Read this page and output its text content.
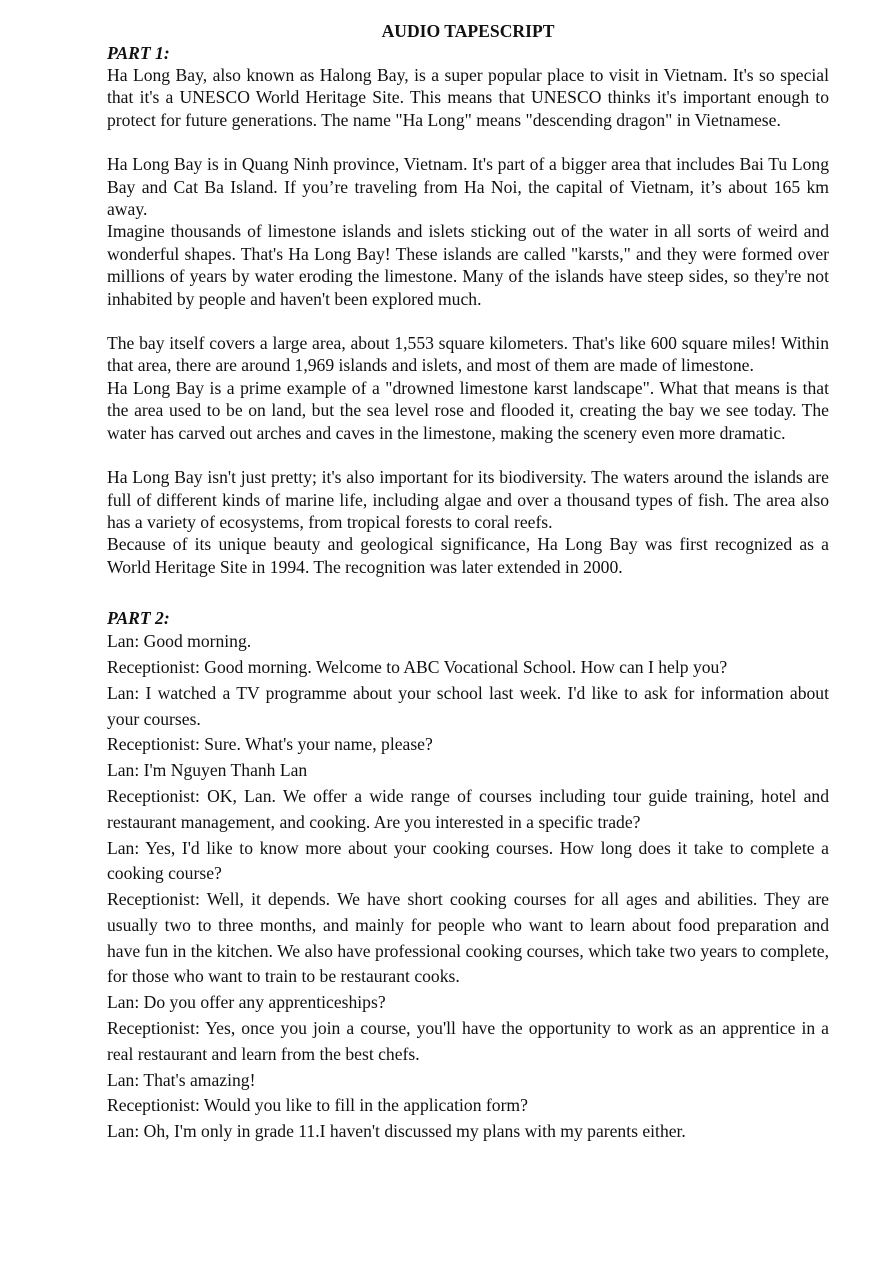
AUDIO TAPESCRIPT
PART 1:

Ha Long Bay, also known as Halong Bay, is a super popular place to visit in Vietnam. It's so special that it's a UNESCO World Heritage Site. This means that UNESCO thinks it's important enough to protect for future generations. The name "Ha Long" means "descending dragon" in Vietnamese.

Ha Long Bay is in Quang Ninh province, Vietnam. It's part of a bigger area that includes Bai Tu Long Bay and Cat Ba Island. If you’re traveling from Ha Noi, the capital of Vietnam, it’s about 165 km away.

Imagine thousands of limestone islands and islets sticking out of the water in all sorts of weird and wonderful shapes. That's Ha Long Bay! These islands are called "karsts," and they were formed over millions of years by water eroding the limestone. Many of the islands have steep sides, so they're not inhabited by people and haven't been explored much.

The bay itself covers a large area, about 1,553 square kilometers. That's like 600 square miles! Within that area, there are around 1,969 islands and islets, and most of them are made of limestone.

Ha Long Bay is a prime example of a "drowned limestone karst landscape". What that means is that the area used to be on land, but the sea level rose and flooded it, creating the bay we see today. The water has carved out arches and caves in the limestone, making the scenery even more dramatic.

Ha Long Bay isn't just pretty; it's also important for its biodiversity. The waters around the islands are full of different kinds of marine life, including algae and over a thousand types of fish. The area also has a variety of ecosystems, from tropical forests to coral reefs.

Because of its unique beauty and geological significance, Ha Long Bay was first recognized as a World Heritage Site in 1994. The recognition was later extended in 2000.

PART 2:

Lan: Good morning.

Receptionist: Good morning. Welcome to ABC Vocational School. How can I help you?

Lan: I watched a TV programme about your school last week. I'd like to ask for information about your courses.

Receptionist: Sure. What's your name, please?

Lan: I'm Nguyen Thanh Lan

Receptionist: OK, Lan. We offer a wide range of courses including tour guide training, hotel and restaurant management, and cooking. Are you interested in a specific trade?

Lan: Yes, I'd like to know more about your cooking courses. How long does it take to complete a cooking course?

Receptionist: Well, it depends. We have short cooking courses for all ages and abilities. They are usually two to three months, and mainly for people who want to learn about food preparation and have fun in the kitchen. We also have professional cooking courses, which take two years to complete, for those who want to train to be restaurant cooks.

Lan: Do you offer any apprenticeships?

Receptionist: Yes, once you join a course, you'll have the opportunity to work as an apprentice in a real restaurant and learn from the best chefs.

Lan: That's amazing!

Receptionist: Would you like to fill in the application form?

Lan: Oh, I'm only in grade 11.I haven't discussed my plans with my parents either.
